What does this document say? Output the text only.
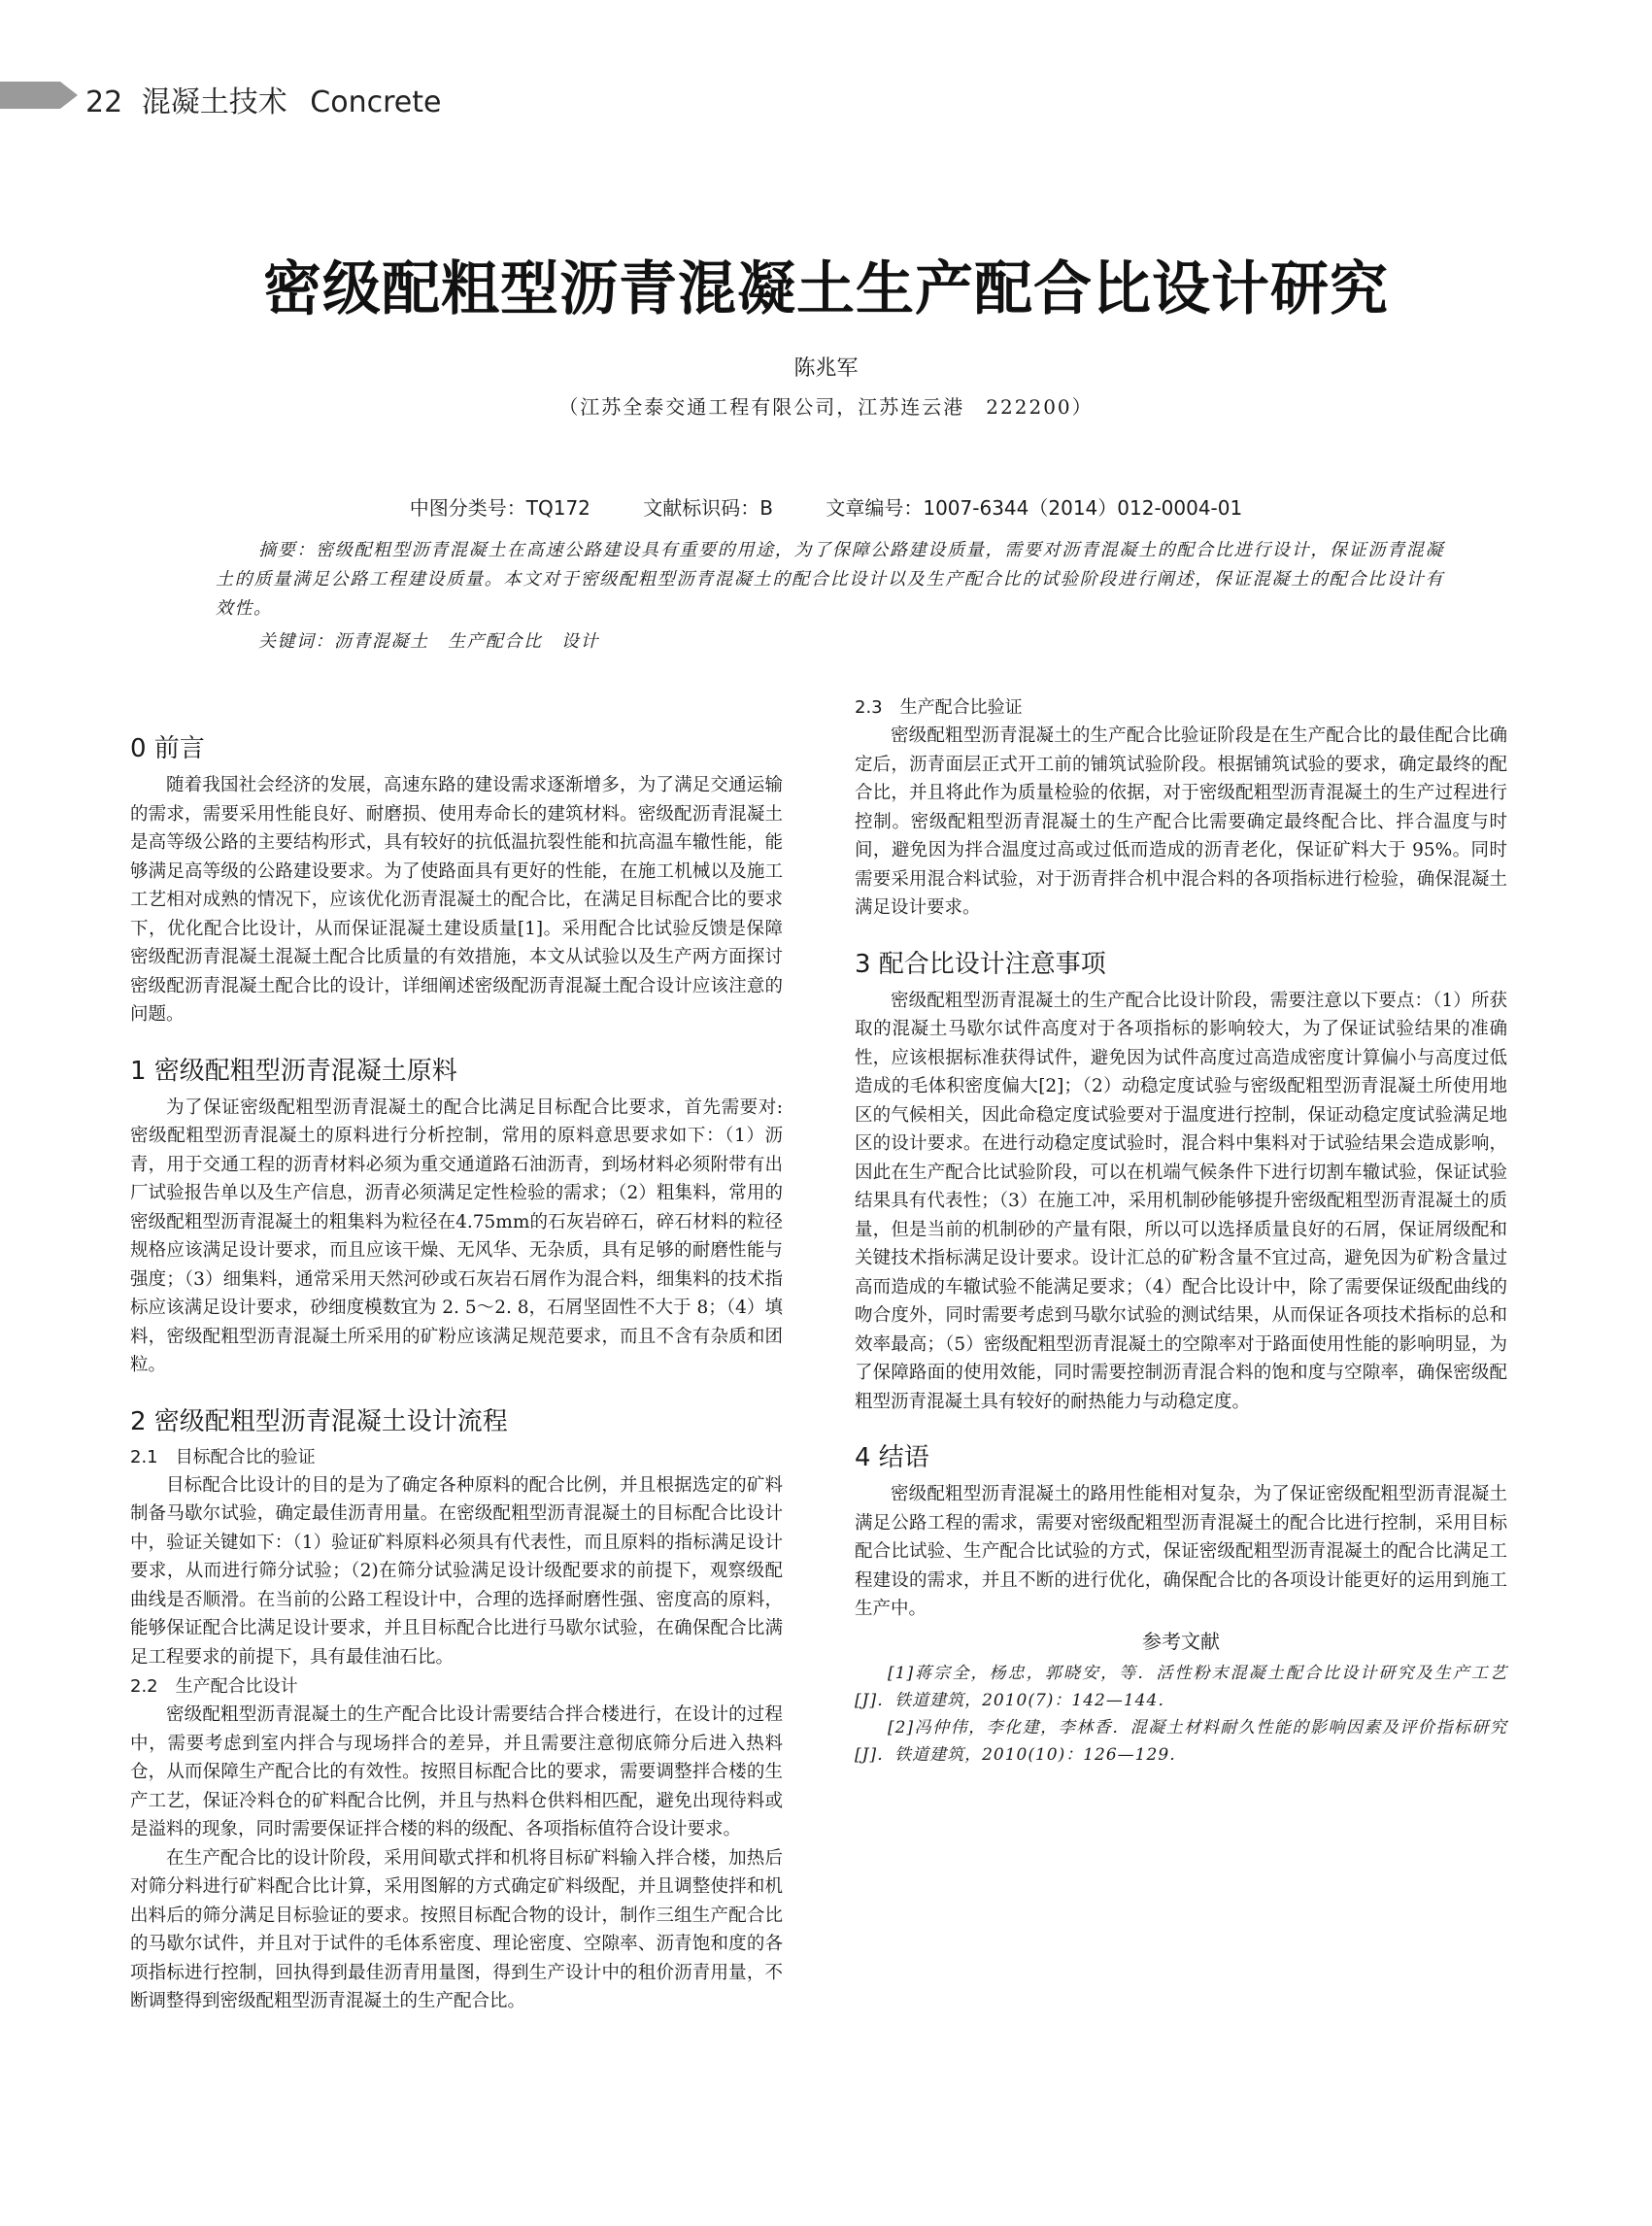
22 混凝土技术 Concrete
密级配粗型沥青混凝土生产配合比设计研究
陈兆军
（江苏全泰交通工程有限公司，江苏连云港　222200）
中图分类号：TQ172	文献标识码：B	文章编号：1007-6344（2014）012-0004-01

摘要：密级配粗型沥青混凝土在高速公路建设具有重要的用途，为了保障公路建设质量，需要对沥青混凝土的配合比进行设计，保证沥青混凝土的质量满足公路工程建设质量。本文对于密级配粗型沥青混凝土的配合比设计以及生产配合比的试验阶段进行阐述，保证混凝土的配合比设计有效性。

关键词：沥青混凝土　生产配合比　设计

0 前言

随着我国社会经济的发展，高速东路的建设需求逐渐增多，为了满足交通运输的需求，需要采用性能良好、耐磨损、使用寿命长的建筑材料。密级配沥青混凝土是高等级公路的主要结构形式，具有较好的抗低温抗裂性能和抗高温车辙性能，能够满足高等级的公路建设要求。为了使路面具有更好的性能，在施工机械以及施工工艺相对成熟的情况下，应该优化沥青混凝土的配合比，在满足目标配合比的要求下，优化配合比设计，从而保证混凝土建设质量[1]。采用配合比试验反馈是保障密级配沥青混凝土混凝土配合比质量的有效措施，本文从试验以及生产两方面探讨密级配沥青混凝土配合比的设计，详细阐述密级配沥青混凝土配合设计应该注意的问题。

1 密级配粗型沥青混凝土原料

为了保证密级配粗型沥青混凝土的配合比满足目标配合比要求，首先需要对:密级配粗型沥青混凝土的原料进行分析控制，常用的原料意思要求如下：（1）沥青，用于交通工程的沥青材料必须为重交通道路石油沥青，到场材料必须附带有出厂试验报告单以及生产信息，沥青必须满足定性检验的需求；（2）粗集料，常用的密级配粗型沥青混凝土的粗集料为粒径在4.75mm的石灰岩碎石，碎石材料的粒径规格应该满足设计要求，而且应该干燥、无风华、无杂质，具有足够的耐磨性能与强度；（3）细集料，通常采用天然河砂或石灰岩石屑作为混合料，细集料的技术指标应该满足设计要求，砂细度模数宜为 2. 5～2. 8，石屑坚固性不大于 8；（4）填料，密级配粗型沥青混凝土所采用的矿粉应该满足规范要求，而且不含有杂质和团粒。

2 密级配粗型沥青混凝土设计流程
2.1　目标配合比的验证

目标配合比设计的目的是为了确定各种原料的配合比例，并且根据选定的矿料制备马歇尔试验，确定最佳沥青用量。在密级配粗型沥青混凝土的目标配合比设计中，验证关键如下：（1）验证矿料原料必须具有代表性，而且原料的指标满足设计要求，从而进行筛分试验；（2)在筛分试验满足设计级配要求的前提下，观察级配曲线是否顺滑。在当前的公路工程设计中，合理的选择耐磨性强、密度高的原料，能够保证配合比满足设计要求，并且目标配合比进行马歇尔试验，在确保配合比满足工程要求的前提下，具有最佳油石比。

2.2　生产配合比设计

密级配粗型沥青混凝土的生产配合比设计需要结合拌合楼进行，在设计的过程中，需要考虑到室内拌合与现场拌合的差异，并且需要注意彻底筛分后进入热料仓，从而保障生产配合比的有效性。按照目标配合比的要求，需要调整拌合楼的生产工艺，保证冷料仓的矿料配合比例，并且与热料仓供料相匹配，避免出现待料或是溢料的现象，同时需要保证拌合楼的料的级配、各项指标值符合设计要求。

在生产配合比的设计阶段，采用间歇式拌和机将目标矿料输入拌合楼，加热后对筛分料进行矿料配合比计算，采用图解的方式确定矿料级配，并且调整使拌和机出料后的筛分满足目标验证的要求。按照目标配合物的设计，制作三组生产配合比的马歇尔试件，并且对于试件的毛体系密度、理论密度、空隙率、沥青饱和度的各项指标进行控制，回执得到最佳沥青用量图，得到生产设计中的租价沥青用量，不断调整得到密级配粗型沥青混凝土的生产配合比。

2.3　生产配合比验证

密级配粗型沥青混凝土的生产配合比验证阶段是在生产配合比的最佳配合比确定后，沥青面层正式开工前的铺筑试验阶段。根据铺筑试验的要求，确定最终的配合比，并且将此作为质量检验的依据，对于密级配粗型沥青混凝土的生产过程进行控制。密级配粗型沥青混凝土的生产配合比需要确定最终配合比、拌合温度与时间，避免因为拌合温度过高或过低而造成的沥青老化，保证矿料大于 95%。同时需要采用混合料试验，对于沥青拌合机中混合料的各项指标进行检验，确保混凝土满足设计要求。

3 配合比设计注意事项

密级配粗型沥青混凝土的生产配合比设计阶段，需要注意以下要点：（1）所获取的混凝土马歇尔试件高度对于各项指标的影响较大，为了保证试验结果的准确性，应该根据标准获得试件，避免因为试件高度过高造成密度计算偏小与高度过低造成的毛体积密度偏大[2]；（2）动稳定度试验与密级配粗型沥青混凝土所使用地区的气候相关，因此命稳定度试验要对于温度进行控制，保证动稳定度试验满足地区的设计要求。在进行动稳定度试验时，混合料中集料对于试验结果会造成影响，因此在生产配合比试验阶段，可以在机端气候条件下进行切割车辙试验，保证试验结果具有代表性；（3）在施工冲，采用机制砂能够提升密级配粗型沥青混凝土的质量，但是当前的机制砂的产量有限，所以可以选择质量良好的石屑，保证屑级配和关键技术指标满足设计要求。设计汇总的矿粉含量不宜过高，避免因为矿粉含量过高而造成的车辙试验不能满足要求；（4）配合比设计中，除了需要保证级配曲线的吻合度外，同时需要考虑到马歇尔试验的测试结果，从而保证各项技术指标的总和效率最高；（5）密级配粗型沥青混凝土的空隙率对于路面使用性能的影响明显，为了保障路面的使用效能，同时需要控制沥青混合料的饱和度与空隙率，确保密级配粗型沥青混凝土具有较好的耐热能力与动稳定度。

4 结语

密级配粗型沥青混凝土的路用性能相对复杂，为了保证密级配粗型沥青混凝土满足公路工程的需求，需要对密级配粗型沥青混凝土的配合比进行控制，采用目标配合比试验、生产配合比试验的方式，保证密级配粗型沥青混凝土的配合比满足工程建设的需求，并且不断的进行优化，确保配合比的各项设计能更好的运用到施工生产中。

参考文献

[1]蒋宗全，杨忠，郭晓安，等．活性粉末混凝土配合比设计研究及生产工艺[J]．铁道建筑，2010(7)：142—144．

[2]冯仲伟，李化建，李林香．混凝土材料耐久性能的影响因素及评价指标研究[J]．铁道建筑，2010(10)：126—129．
